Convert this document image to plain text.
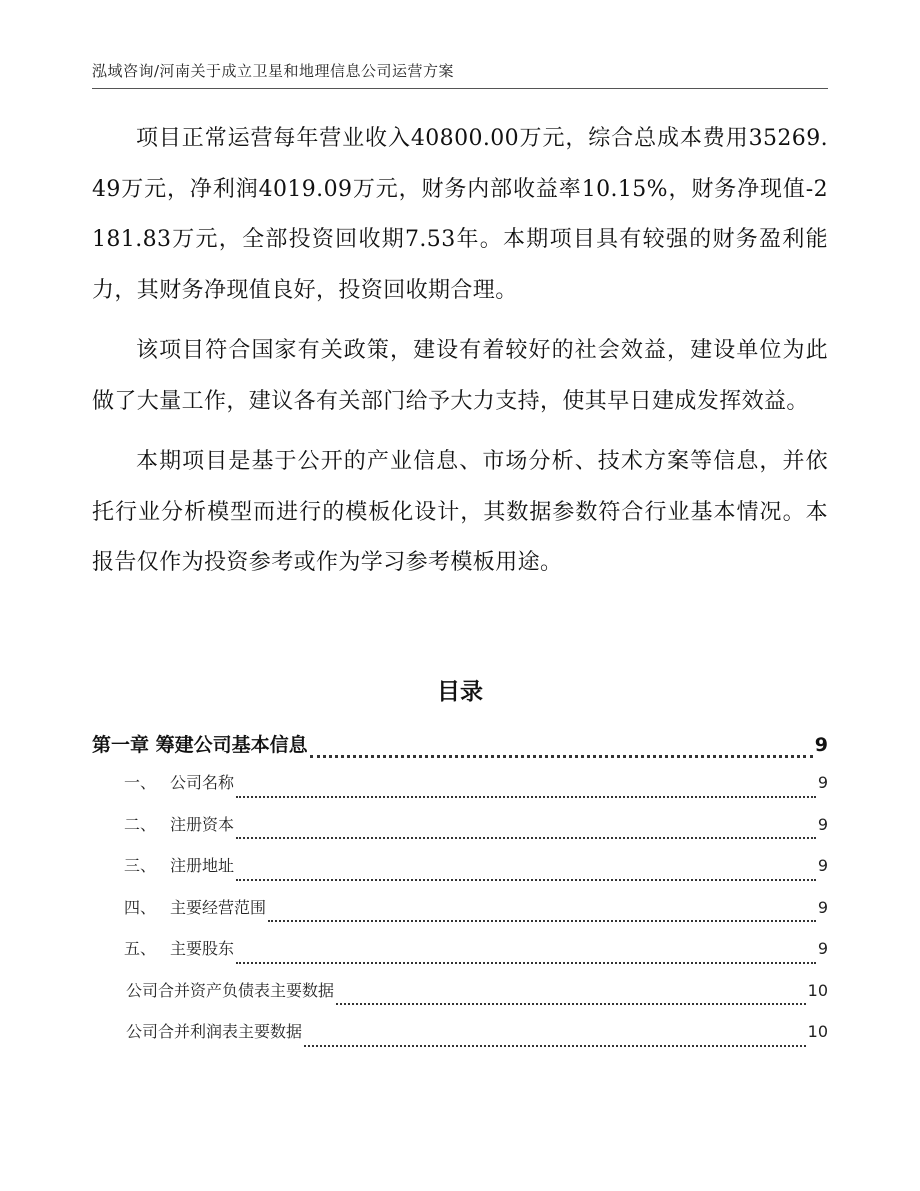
泓域咨询/河南关于成立卫星和地理信息公司运营方案

项目正常运营每年营业收入40800.00万元，综合总成本费用35269.49万元，净利润4019.09万元，财务内部收益率10.15%，财务净现值-2181.83万元，全部投资回收期7.53年。本期项目具有较强的财务盈利能力，其财务净现值良好，投资回收期合理。

该项目符合国家有关政策，建设有着较好的社会效益，建设单位为此做了大量工作，建议各有关部门给予大力支持，使其早日建成发挥效益。

本期项目是基于公开的产业信息、市场分析、技术方案等信息，并依托行业分析模型而进行的模板化设计，其数据参数符合行业基本情况。本报告仅作为投资参考或作为学习参考模板用途。

目录
第一章 筹建公司基本信息	9
一、 公司名称	9
二、 注册资本	9
三、 注册地址	9
四、 主要经营范围	9
五、 主要股东	9
公司合并资产负债表主要数据	10
公司合并利润表主要数据	10
